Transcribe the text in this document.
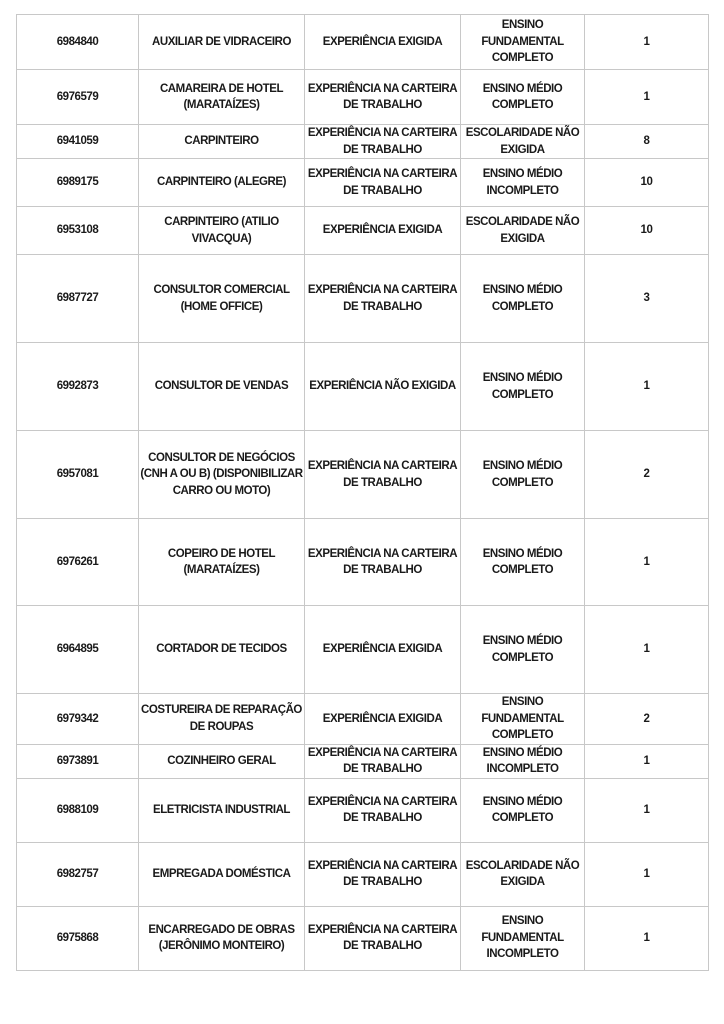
6984840	AUXILIAR DE VIDRACEIRO	EXPERIÊNCIA EXIGIDA	ENSINO FUNDAMENTAL COMPLETO	1
6976579	CAMAREIRA DE HOTEL (MARATAÍZES)	EXPERIÊNCIA NA CARTEIRA DE TRABALHO	ENSINO MÉDIO COMPLETO	1
6941059	CARPINTEIRO	EXPERIÊNCIA NA CARTEIRA DE TRABALHO	ESCOLARIDADE NÃO EXIGIDA	8
6989175	CARPINTEIRO (ALEGRE)	EXPERIÊNCIA NA CARTEIRA DE TRABALHO	ENSINO MÉDIO INCOMPLETO	10
6953108	CARPINTEIRO (ATILIO VIVACQUA)	EXPERIÊNCIA EXIGIDA	ESCOLARIDADE NÃO EXIGIDA	10
6987727	CONSULTOR COMERCIAL (HOME OFFICE)	EXPERIÊNCIA NA CARTEIRA DE TRABALHO	ENSINO MÉDIO COMPLETO	3
6992873	CONSULTOR DE VENDAS	EXPERIÊNCIA NÃO EXIGIDA	ENSINO MÉDIO COMPLETO	1
6957081	CONSULTOR DE NEGÓCIOS (CNH A OU B) (DISPONIBILIZAR CARRO OU MOTO)	EXPERIÊNCIA NA CARTEIRA DE TRABALHO	ENSINO MÉDIO COMPLETO	2
6976261	COPEIRO DE HOTEL (MARATAÍZES)	EXPERIÊNCIA NA CARTEIRA DE TRABALHO	ENSINO MÉDIO COMPLETO	1
6964895	CORTADOR DE TECIDOS	EXPERIÊNCIA EXIGIDA	ENSINO MÉDIO COMPLETO	1
6979342	COSTUREIRA DE REPARAÇÃO DE ROUPAS	EXPERIÊNCIA EXIGIDA	ENSINO FUNDAMENTAL COMPLETO	2
6973891	COZINHEIRO GERAL	EXPERIÊNCIA NA CARTEIRA DE TRABALHO	ENSINO MÉDIO INCOMPLETO	1
6988109	ELETRICISTA INDUSTRIAL	EXPERIÊNCIA NA CARTEIRA DE TRABALHO	ENSINO MÉDIO COMPLETO	1
6982757	EMPREGADA DOMÉSTICA	EXPERIÊNCIA NA CARTEIRA DE TRABALHO	ESCOLARIDADE NÃO EXIGIDA	1
6975868	ENCARREGADO DE OBRAS (JERÔNIMO MONTEIRO)	EXPERIÊNCIA NA CARTEIRA DE TRABALHO	ENSINO FUNDAMENTAL INCOMPLETO	1
